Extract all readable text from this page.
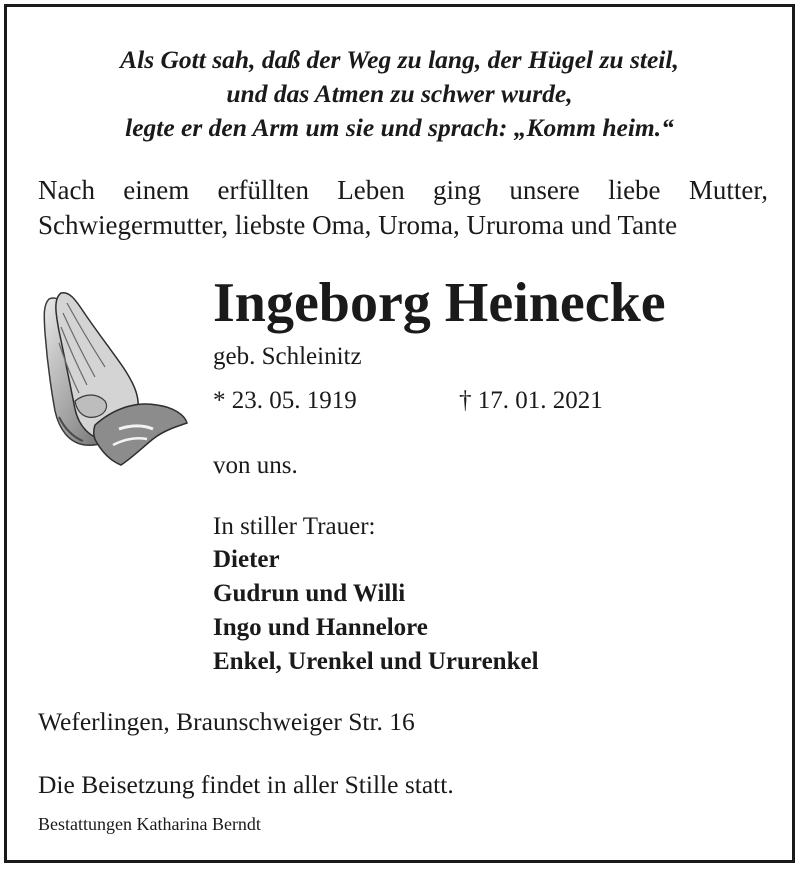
Als Gott sah, daß der Weg zu lang, der Hügel zu steil,
und das Atmen zu schwer wurde,
legte er den Arm um sie und sprach: „Komm heim.“
Nach einem erfüllten Leben ging unsere liebe Mutter,
Schwiegermutter, liebste Oma, Uroma, Ururoma und Tante
Ingeborg Heinecke
geb. Schleinitz
* 23. 05. 1919	† 17. 01. 2021
von uns.
In stiller Trauer:
Dieter
Gudrun und Willi
Ingo und Hannelore
Enkel, Urenkel und Ururenkel
Weferlingen, Braunschweiger Str. 16
Die Beisetzung findet in aller Stille statt.
Bestattungen Katharina Berndt
